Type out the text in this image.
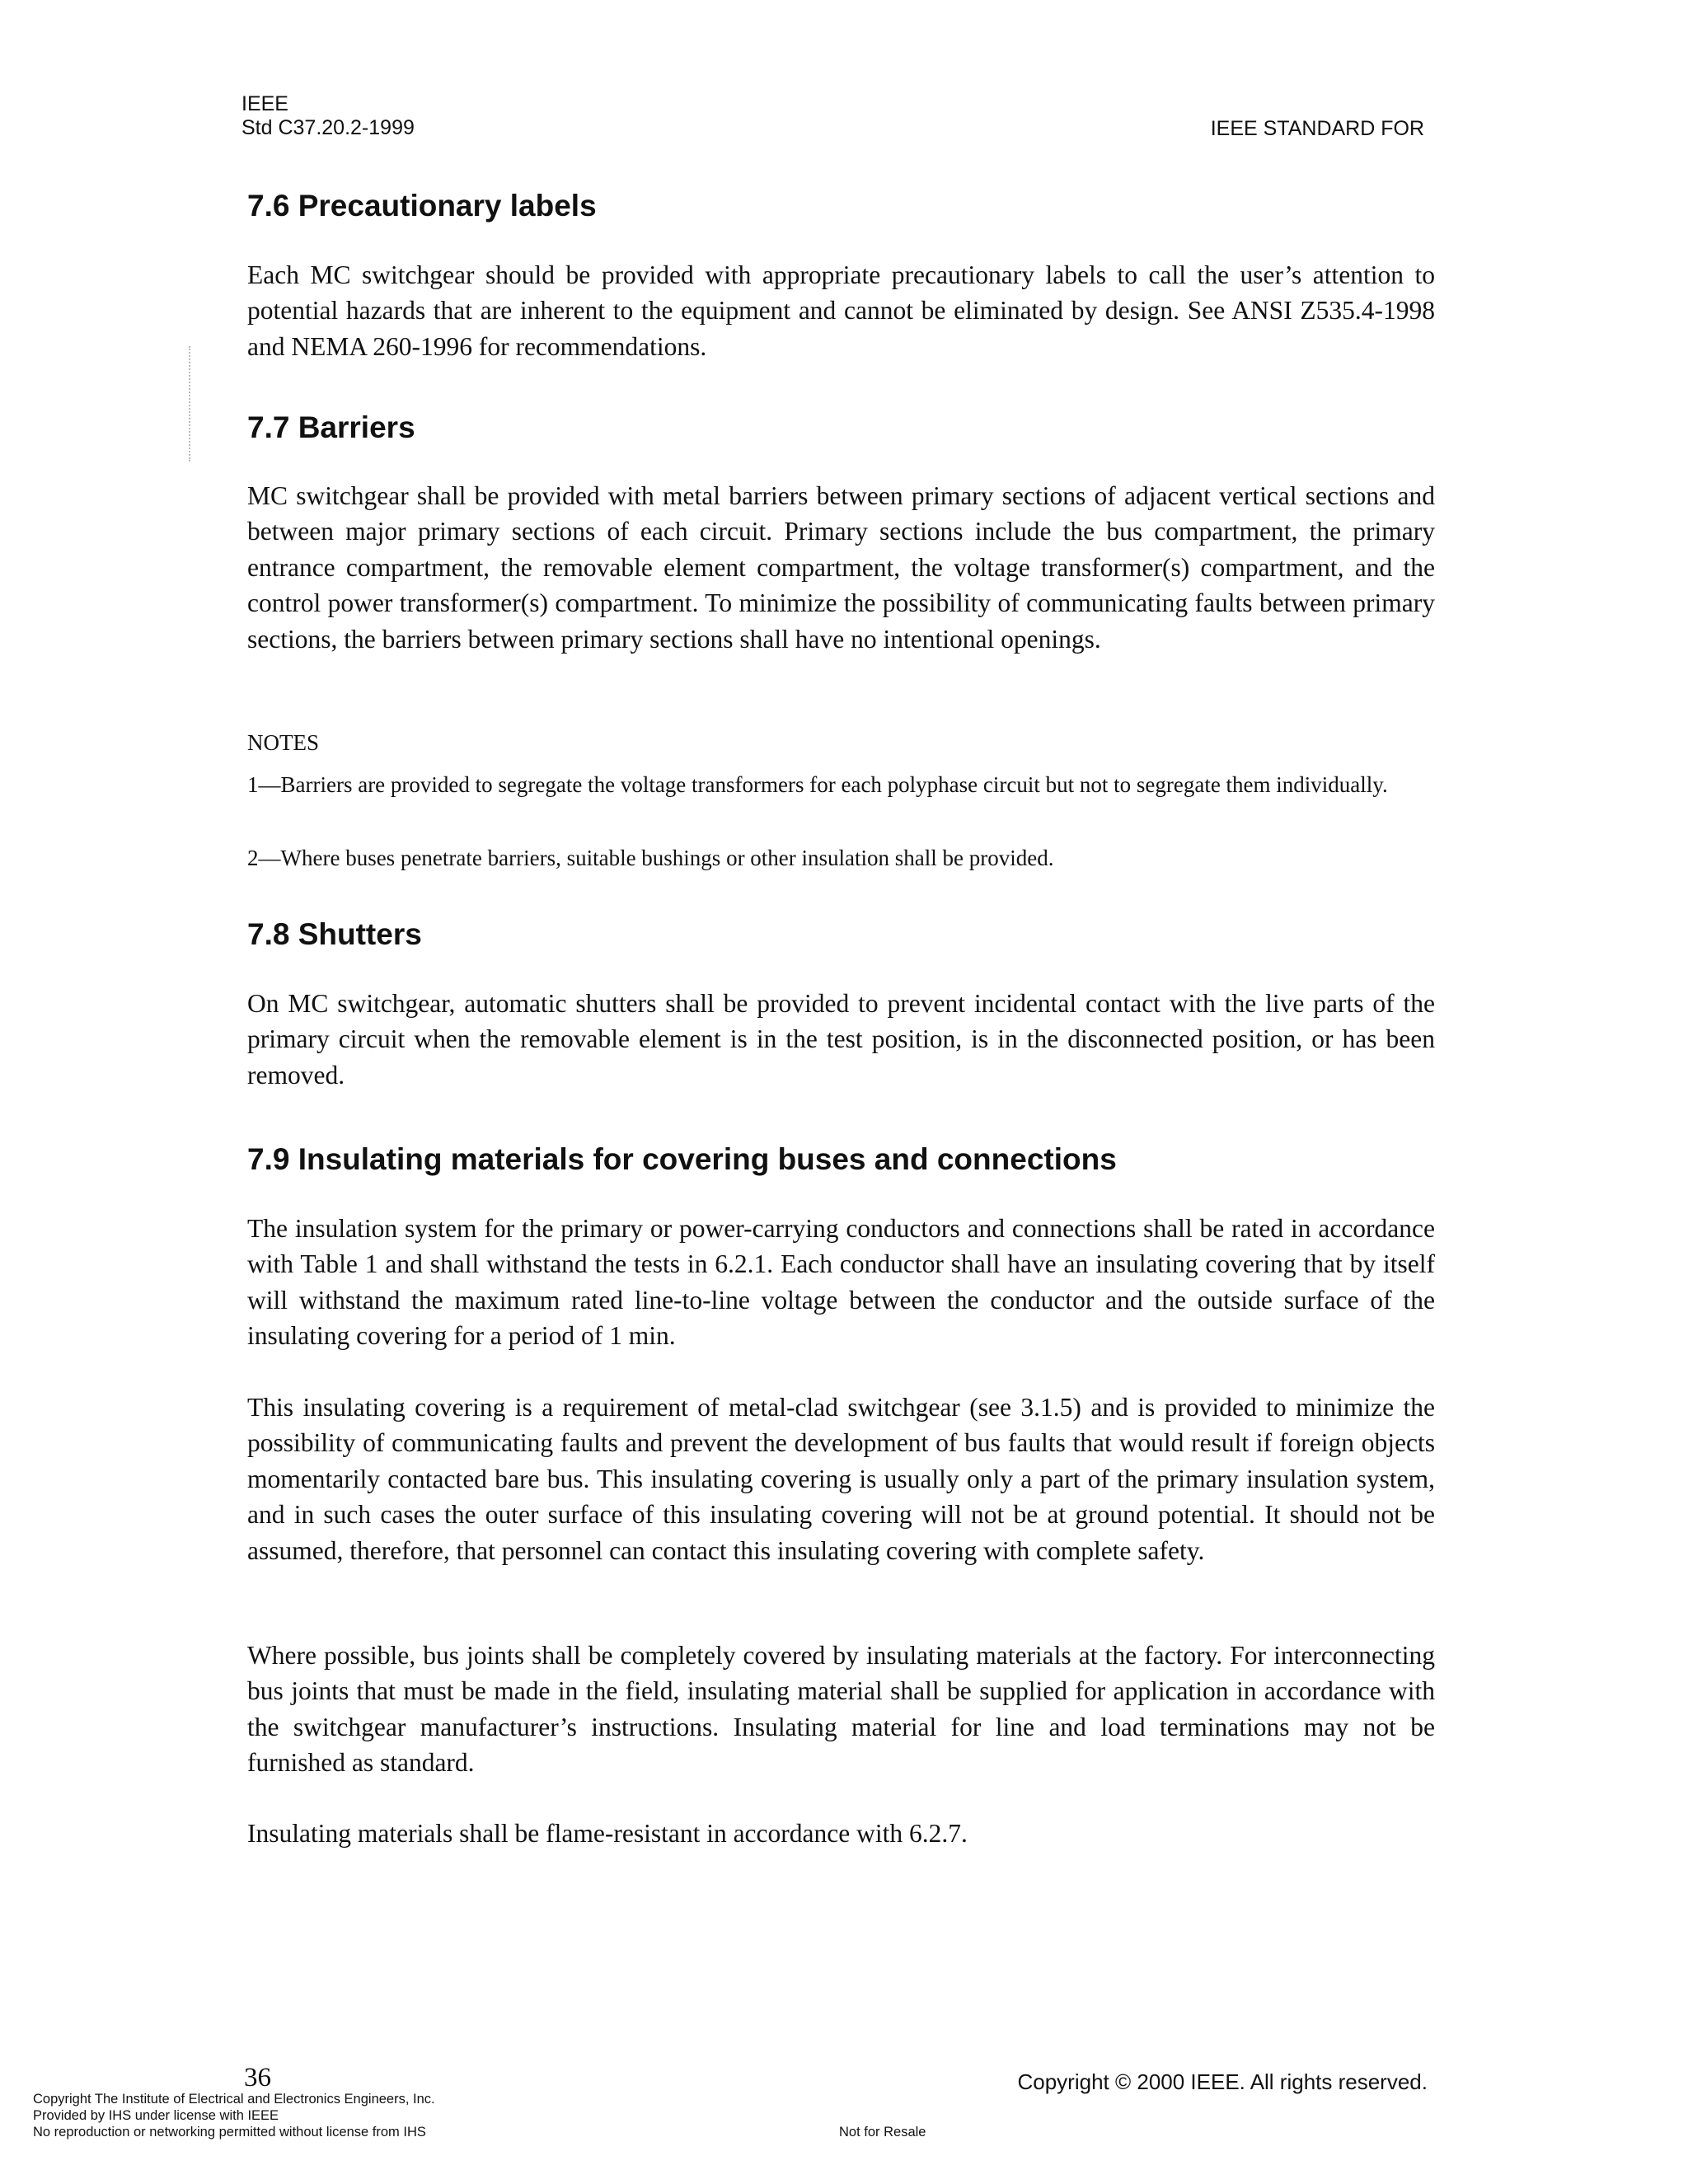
IEEE
Std C37.20.2-1999	IEEE STANDARD FOR
7.6 Precautionary labels

Each MC switchgear should be provided with appropriate precautionary labels to call the user’s attention to potential hazards that are inherent to the equipment and cannot be eliminated by design. See ANSI Z535.4-1998 and NEMA 260-1996 for recommendations.

7.7 Barriers

MC switchgear shall be provided with metal barriers between primary sections of adjacent vertical sections and between major primary sections of each circuit. Primary sections include the bus compartment, the primary entrance compartment, the removable element compartment, the voltage transformer(s) compartment, and the control power transformer(s) compartment. To minimize the possibility of communicating faults between primary sections, the barriers between primary sections shall have no intentional openings.

NOTES

1—Barriers are provided to segregate the voltage transformers for each polyphase circuit but not to segregate them individually.

2—Where buses penetrate barriers, suitable bushings or other insulation shall be provided.

7.8 Shutters

On MC switchgear, automatic shutters shall be provided to prevent incidental contact with the live parts of the primary circuit when the removable element is in the test position, is in the disconnected position, or has been removed.

7.9 Insulating materials for covering buses and connections

The insulation system for the primary or power-carrying conductors and connections shall be rated in accordance with Table 1 and shall withstand the tests in 6.2.1. Each conductor shall have an insulating covering that by itself will withstand the maximum rated line-to-line voltage between the conductor and the outside surface of the insulating covering for a period of 1 min.

This insulating covering is a requirement of metal-clad switchgear (see 3.1.5) and is provided to minimize the possibility of communicating faults and prevent the development of bus faults that would result if foreign objects momentarily contacted bare bus. This insulating covering is usually only a part of the primary insulation system, and in such cases the outer surface of this insulating covering will not be at ground potential. It should not be assumed, therefore, that personnel can contact this insulating covering with complete safety.

Where possible, bus joints shall be completely covered by insulating materials at the factory. For interconnecting bus joints that must be made in the field, insulating material shall be supplied for application in accordance with the switchgear manufacturer’s instructions. Insulating material for line and load terminations may not be furnished as standard.

Insulating materials shall be flame-resistant in accordance with 6.2.7.

36	Copyright © 2000 IEEE. All rights reserved.
Copyright The Institute of Electrical and Electronics Engineers, Inc.
Provided by IHS under license with IEEE
No reproduction or networking permitted without license from IHS	Not for Resale
